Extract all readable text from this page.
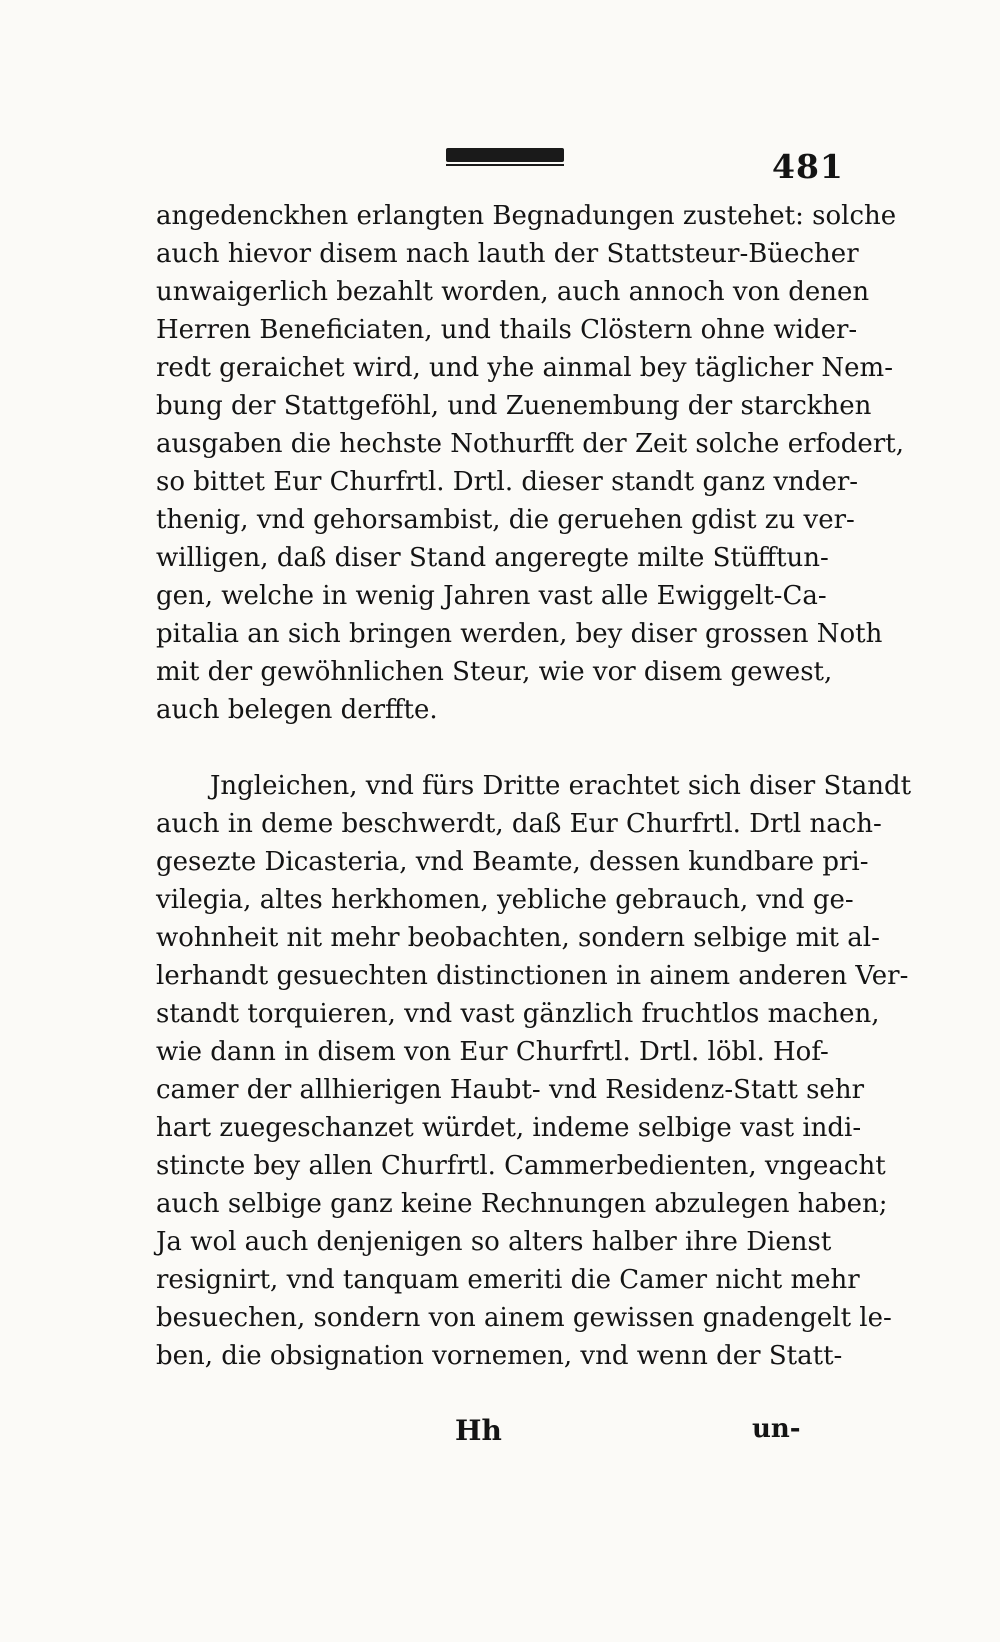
481
angedenckhen erlangten Begnadungen zustehet: solche
auch hievor disem nach lauth der Stattsteur-Büecher
unwaigerlich bezahlt worden, auch annoch von denen
Herren Beneficiaten, und thails Clöstern ohne wider-
redt geraichet wird, und yhe ainmal bey täglicher Nem-
bung der Stattgeföhl, und Zuenembung der starckhen
ausgaben die hechste Nothurfft der Zeit solche erfodert,
so bittet Eur Churfrtl. Drtl. dieser standt ganz vnder-
thenig, vnd gehorsambist, die geruehen gdist zu ver-
willigen, daß diser Stand angeregte milte Stüfftun-
gen, welche in wenig Jahren vast alle Ewiggelt-Ca-
pitalia an sich bringen werden, bey diser grossen Noth
mit der gewöhnlichen Steur, wie vor disem gewest,
auch belegen derffte.
Jngleichen, vnd fürs Dritte erachtet sich diser Standt
auch in deme beschwerdt, daß Eur Churfrtl. Drtl nach-
gesezte Dicasteria, vnd Beamte, dessen kundbare pri-
vilegia, altes herkhomen, yebliche gebrauch, vnd ge-
wohnheit nit mehr beobachten, sondern selbige mit al-
lerhandt gesuechten distinctionen in ainem anderen Ver-
standt torquieren, vnd vast gänzlich fruchtlos machen,
wie dann in disem von Eur Churfrtl. Drtl. löbl. Hof-
camer der allhierigen Haubt- vnd Residenz-Statt sehr
hart zuegeschanzet würdet, indeme selbige vast indi-
stincte bey allen Churfrtl. Cammerbedienten, vngeacht
auch selbige ganz keine Rechnungen abzulegen haben;
Ja wol auch denjenigen so alters halber ihre Dienst
resignirt, vnd tanquam emeriti die Camer nicht mehr
besuechen, sondern von ainem gewissen gnadengelt le-
ben, die obsignation vornemen, vnd wenn der Statt-
Hh	un-
